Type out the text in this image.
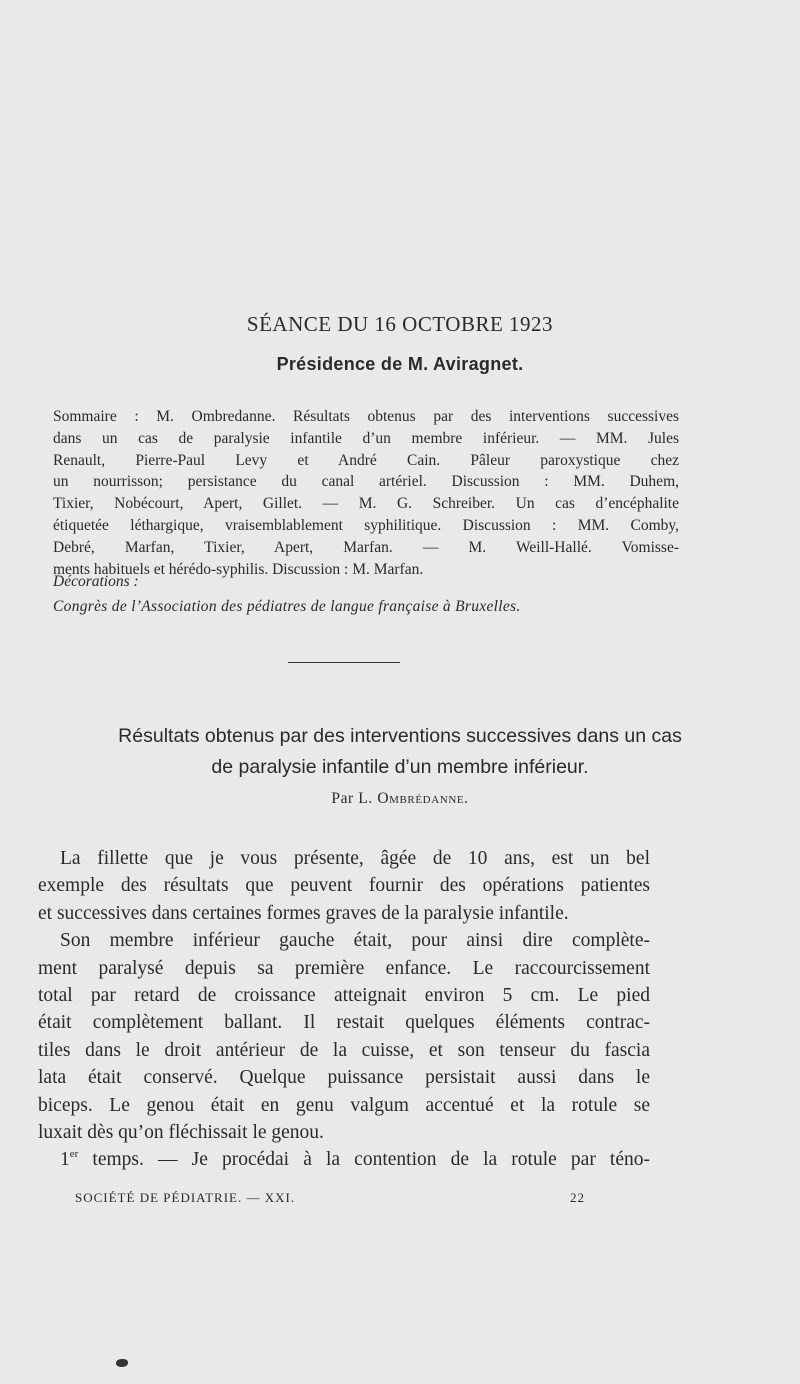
SÉANCE DU 16 OCTOBRE 1923
Présidence de M. Aviragnet.
Sommaire : M. Ombredanne. Résultats obtenus par des interventions successives
dans un cas de paralysie infantile d’un membre inférieur. — MM. Jules
Renault, Pierre-Paul Levy et André Cain. Pâleur paroxystique chez
un nourrisson; persistance du canal artériel. Discussion : MM. Duhem,
Tixier, Nobécourt, Apert, Gillet. — M. G. Schreiber. Un cas d’encéphalite
étiquetée léthargique, vraisemblablement syphilitique. Discussion : MM. Comby,
Debré, Marfan, Tixier, Apert, Marfan. — M. Weill-Hallé. Vomisse-
ments habituels et hérédo-syphilis. Discussion : M. Marfan.
Décorations :
Congrès de l’Association des pédiatres de langue française à Bruxelles.
Résultats obtenus par des interventions successives dans un cas
de paralysie infantile d’un membre inférieur.
Par L. Ombrédanne.
La fillette que je vous présente, âgée de 10 ans, est un bel
exemple des résultats que peuvent fournir des opérations patientes
et successives dans certaines formes graves de la paralysie infantile.
Son membre inférieur gauche était, pour ainsi dire complète-
ment paralysé depuis sa première enfance. Le raccourcissement
total par retard de croissance atteignait environ 5 cm. Le pied
était complètement ballant. Il restait quelques éléments contrac-
tiles dans le droit antérieur de la cuisse, et son tenseur du fascia
lata était conservé. Quelque puissance persistait aussi dans le
biceps. Le genou était en genu valgum accentué et la rotule se
luxait dès qu’on fléchissait le genou.
1er temps. — Je procédai à la contention de la rotule par téno-
SOCIÉTÉ DE PÉDIATRIE. — XXI.	22
